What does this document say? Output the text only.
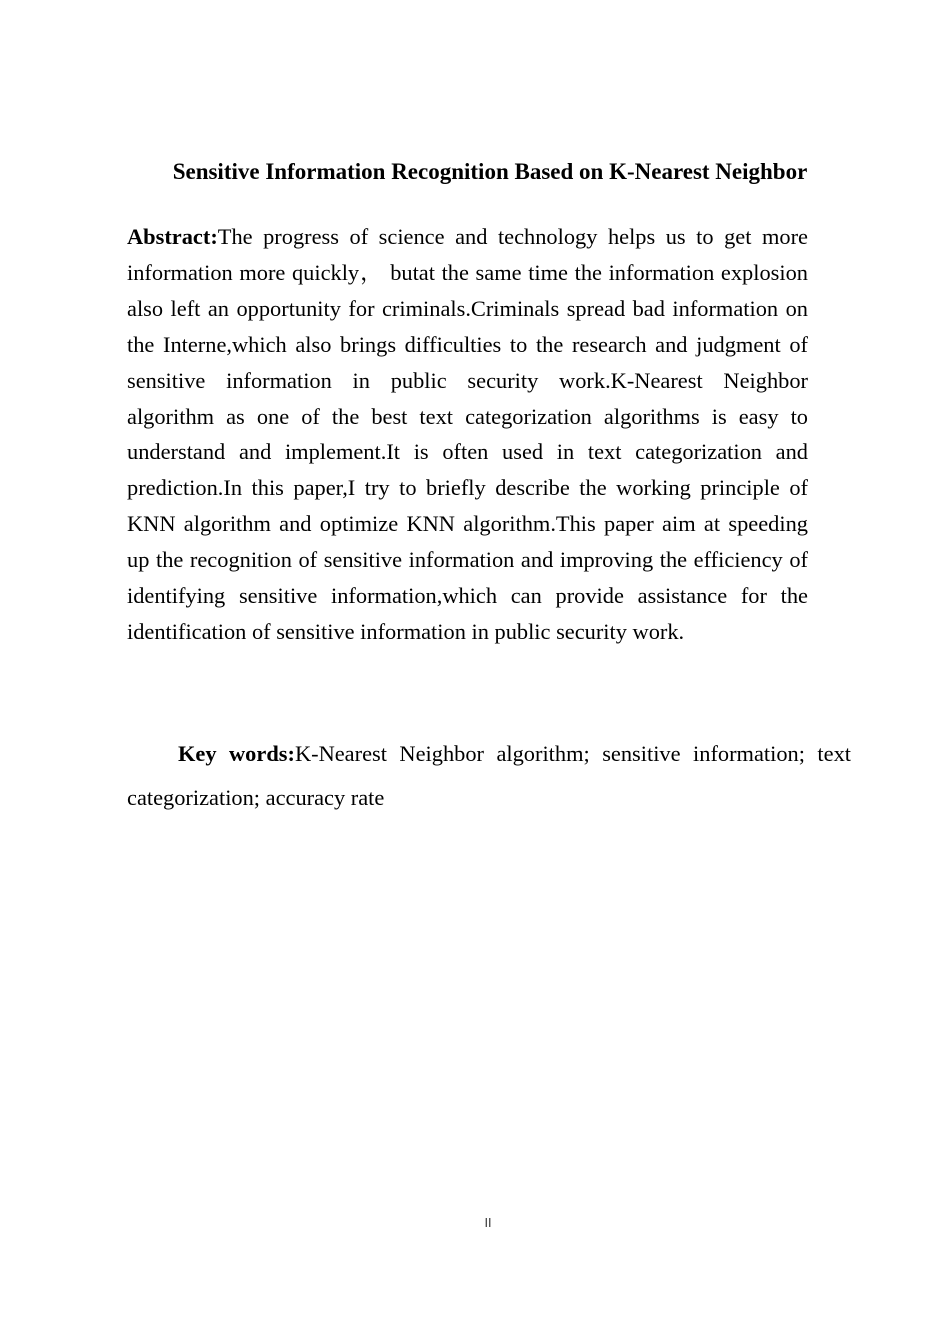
Sensitive Information Recognition Based on K-Nearest Neighbor

Abstract:The progress of science and technology helps us to get more information more quickly， butat the same time the information explosion also left an opportunity for criminals.Criminals spread bad information on the Interne,which also brings difficulties to the research and judgment of sensitive information in public security work.K-Nearest Neighbor algorithm as one of the best text categorization algorithms is easy to understand and implement.It is often used in text categorization and prediction.In this paper,I try to briefly describe the working principle of KNN algorithm and optimize KNN algorithm.This paper aim at speeding up the recognition of sensitive information and improving the efficiency of identifying sensitive information,which can provide assistance for the identification of sensitive information in public security work.

Key words:K-Nearest Neighbor algorithm; sensitive information; text categorization; accuracy rate

II
